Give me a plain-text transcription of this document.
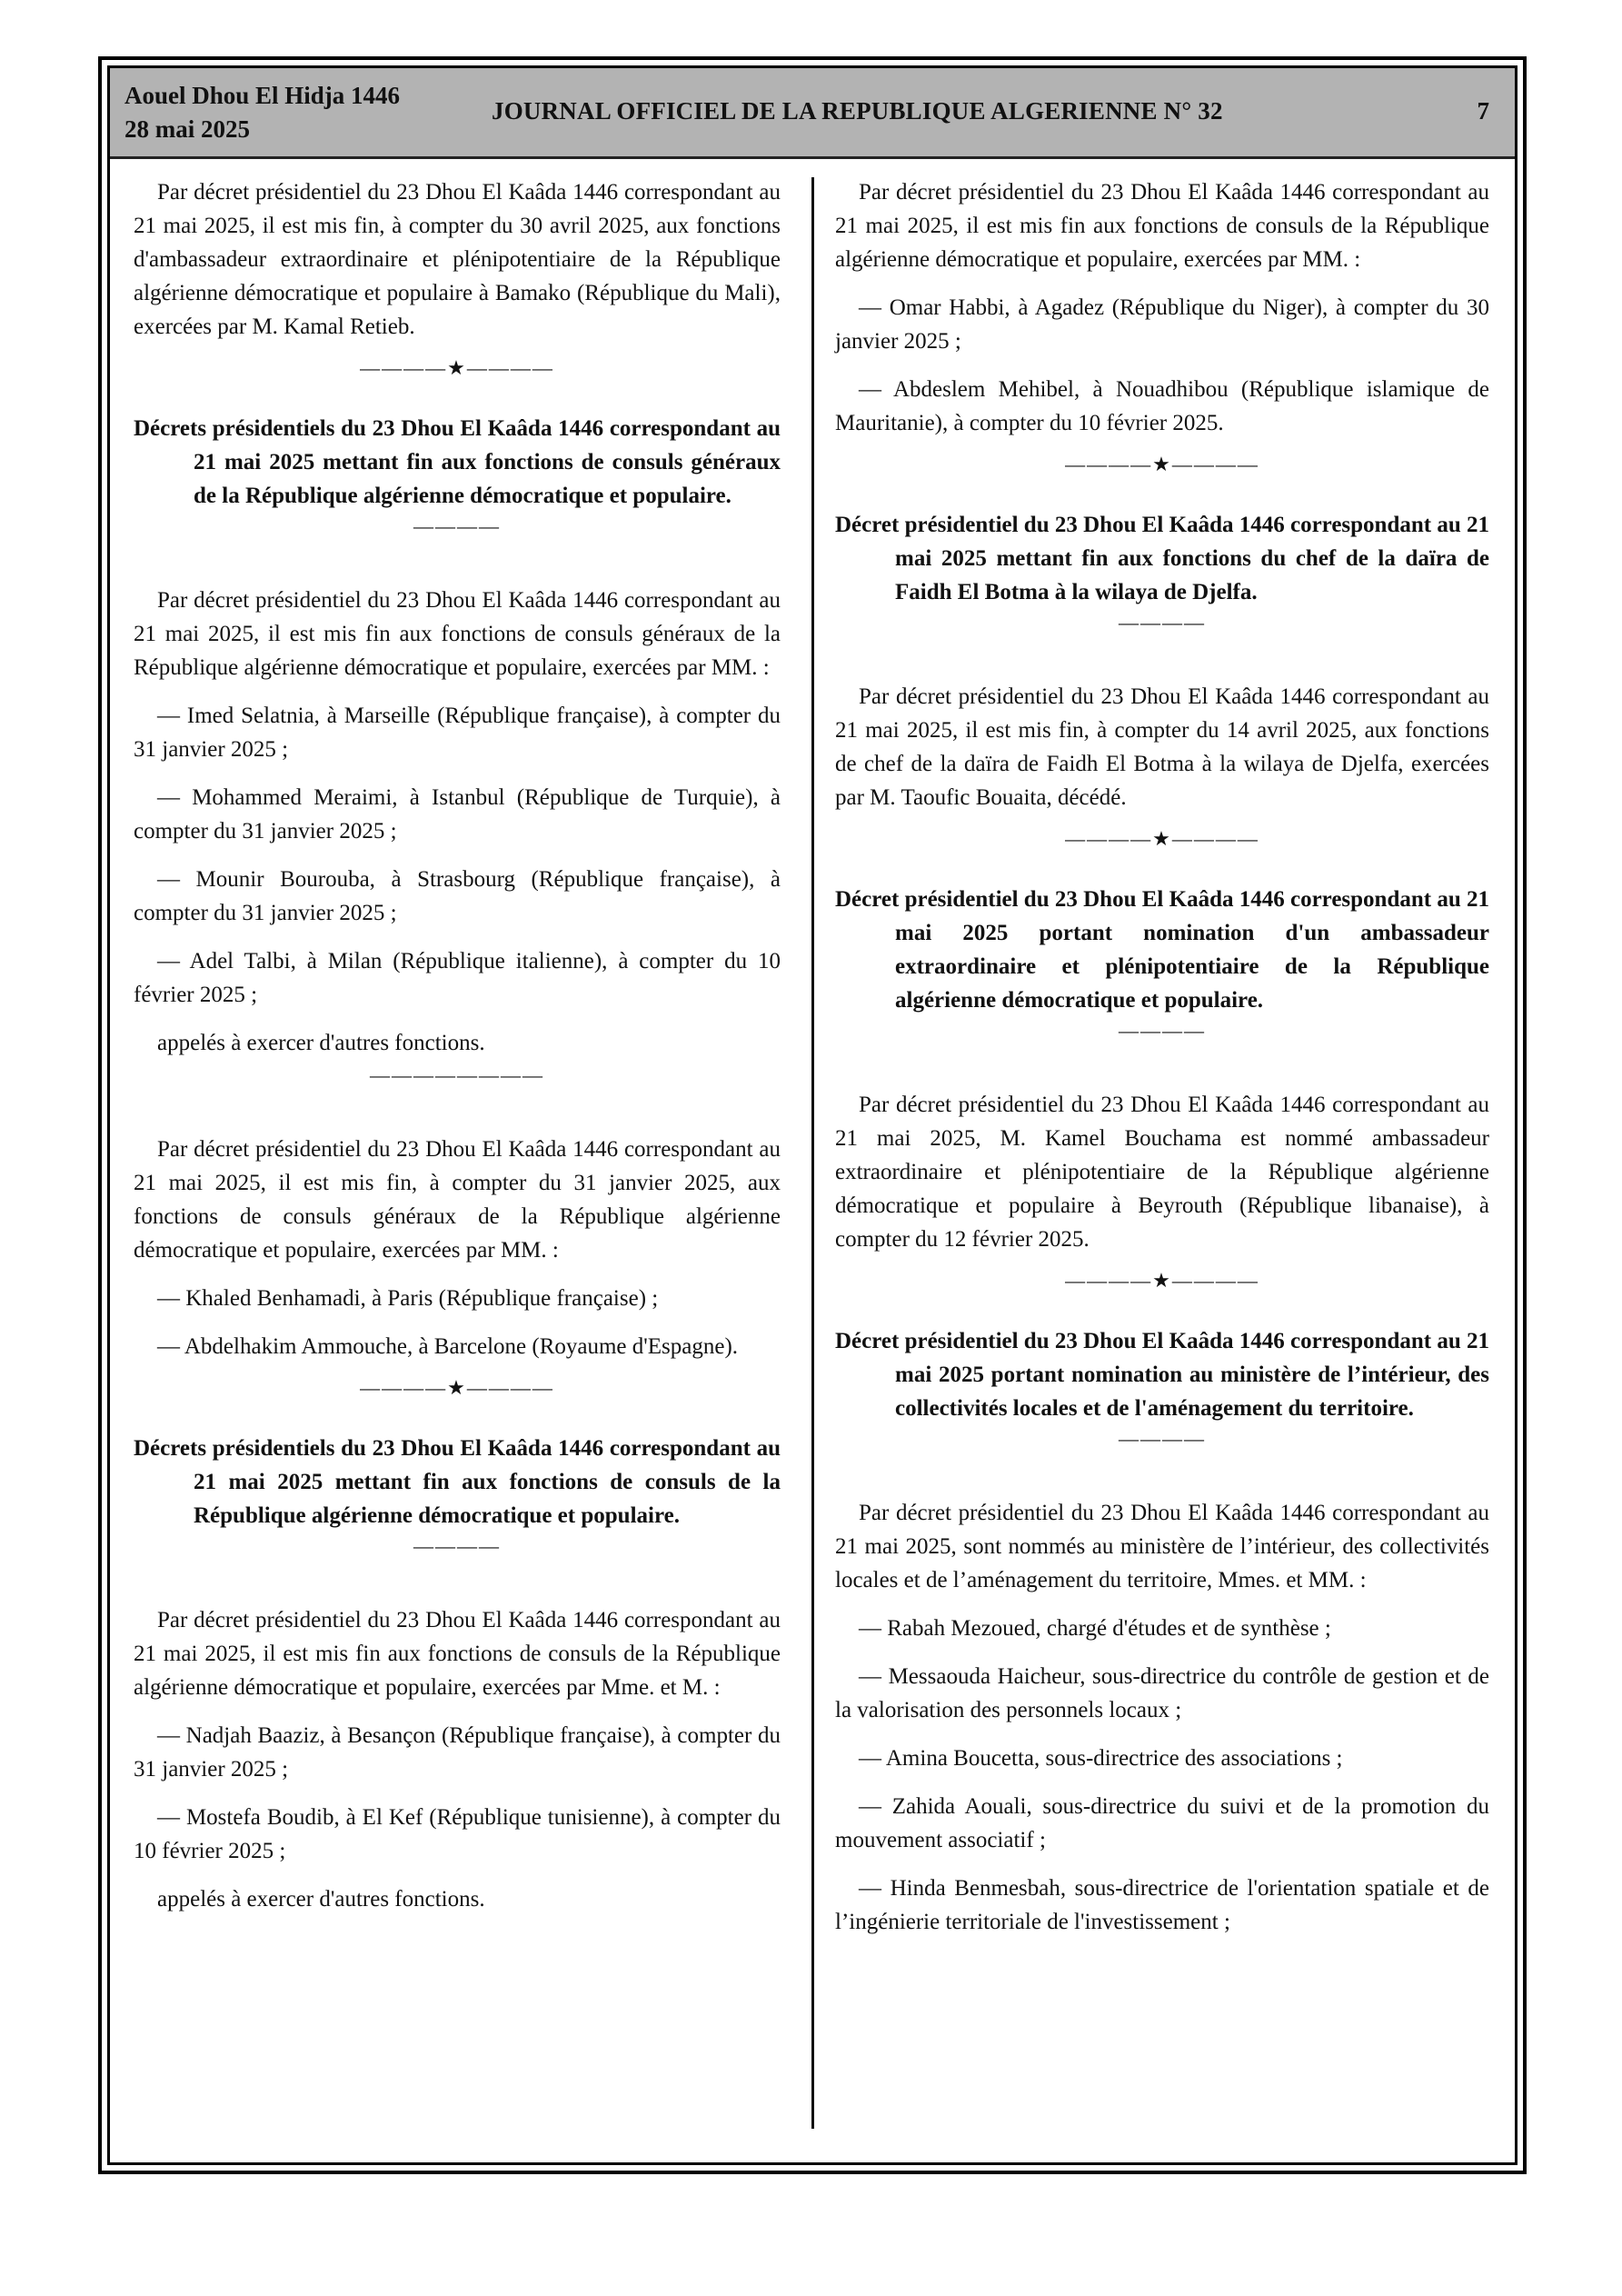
Aouel Dhou El Hidja 1446
28 mai 2025
JOURNAL OFFICIEL DE LA REPUBLIQUE ALGERIENNE N° 32	7

Par décret présidentiel du 23 Dhou El Kaâda 1446 correspondant au 21 mai 2025, il est mis fin, à compter du 30 avril 2025, aux fonctions d'ambassadeur extraordinaire et plénipotentiaire de la République algérienne démocratique et populaire à Bamako (République du Mali), exercées par M. Kamal Retieb.

————★————
Décrets présidentiels du 23 Dhou El Kaâda 1446 correspondant au 21 mai 2025 mettant fin aux fonctions de consuls généraux de la République algérienne démocratique et populaire.
————

Par décret présidentiel du 23 Dhou El Kaâda 1446 correspondant au 21 mai 2025, il est mis fin aux fonctions de consuls généraux de la République algérienne démocratique et populaire, exercées par MM. :

— Imed Selatnia, à Marseille (République française), à compter du 31 janvier 2025 ;

— Mohammed Meraimi, à Istanbul (République de Turquie), à compter du 31 janvier 2025 ;

— Mounir Bourouba, à Strasbourg (République française), à compter du 31 janvier 2025 ;

— Adel Talbi, à Milan (République italienne), à compter du 10 février 2025 ;

appelés à exercer d'autres fonctions.

————————

Par décret présidentiel du 23 Dhou El Kaâda 1446 correspondant au 21 mai 2025, il est mis fin, à compter du 31 janvier 2025, aux fonctions de consuls généraux de la République algérienne démocratique et populaire, exercées par MM. :

— Khaled Benhamadi, à Paris (République française) ;

— Abdelhakim Ammouche, à Barcelone (Royaume d'Espagne).

————★————
Décrets présidentiels du 23 Dhou El Kaâda 1446 correspondant au 21 mai 2025 mettant fin aux fonctions de consuls de la République algérienne démocratique et populaire.
————

Par décret présidentiel du 23 Dhou El Kaâda 1446 correspondant au 21 mai 2025, il est mis fin aux fonctions de consuls de la République algérienne démocratique et populaire, exercées par Mme. et M. :

— Nadjah Baaziz, à Besançon (République française), à compter du 31 janvier 2025 ;

— Mostefa Boudib, à El Kef (République tunisienne), à compter du 10 février 2025 ;

appelés à exercer d'autres fonctions.

Par décret présidentiel du 23 Dhou El Kaâda 1446 correspondant au 21 mai 2025, il est mis fin aux fonctions de consuls de la République algérienne démocratique et populaire, exercées par MM. :

— Omar Habbi, à Agadez (République du Niger), à compter du 30 janvier 2025 ;

— Abdeslem Mehibel, à Nouadhibou (République islamique de Mauritanie), à compter du 10 février 2025.

————★————
Décret présidentiel du 23 Dhou El Kaâda 1446 correspondant au 21 mai 2025 mettant fin aux fonctions du chef de la daïra de Faidh El Botma à la wilaya de Djelfa.
————

Par décret présidentiel du 23 Dhou El Kaâda 1446 correspondant au 21 mai 2025, il est mis fin, à compter du 14 avril 2025, aux fonctions de chef de la daïra de Faidh El Botma à la wilaya de Djelfa, exercées par M. Taoufic Bouaita, décédé.

————★————
Décret présidentiel du 23 Dhou El Kaâda 1446 correspondant au 21 mai 2025 portant nomination d'un ambassadeur extraordinaire et plénipotentiaire de la République algérienne démocratique et populaire.
————

Par décret présidentiel du 23 Dhou El Kaâda 1446 correspondant au 21 mai 2025, M. Kamel Bouchama est nommé ambassadeur extraordinaire et plénipotentiaire de la République algérienne démocratique et populaire à Beyrouth (République libanaise), à compter du 12 février 2025.

————★————
Décret présidentiel du 23 Dhou El Kaâda 1446 correspondant au 21 mai 2025 portant nomination au ministère de l’intérieur, des collectivités locales et de l'aménagement du territoire.
————

Par décret présidentiel du 23 Dhou El Kaâda 1446 correspondant au 21 mai 2025, sont nommés au ministère de l’intérieur, des collectivités locales et de l’aménagement du territoire, Mmes. et MM. :

— Rabah Mezoued, chargé d'études et de synthèse ;

— Messaouda Haicheur, sous-directrice du contrôle de gestion et de la valorisation des personnels locaux ;

— Amina Boucetta, sous-directrice des associations ;

— Zahida Aouali, sous-directrice du suivi et de la promotion du mouvement associatif ;

— Hinda Benmesbah, sous-directrice de l'orientation spatiale et de l’ingénierie territoriale de l'investissement ;
